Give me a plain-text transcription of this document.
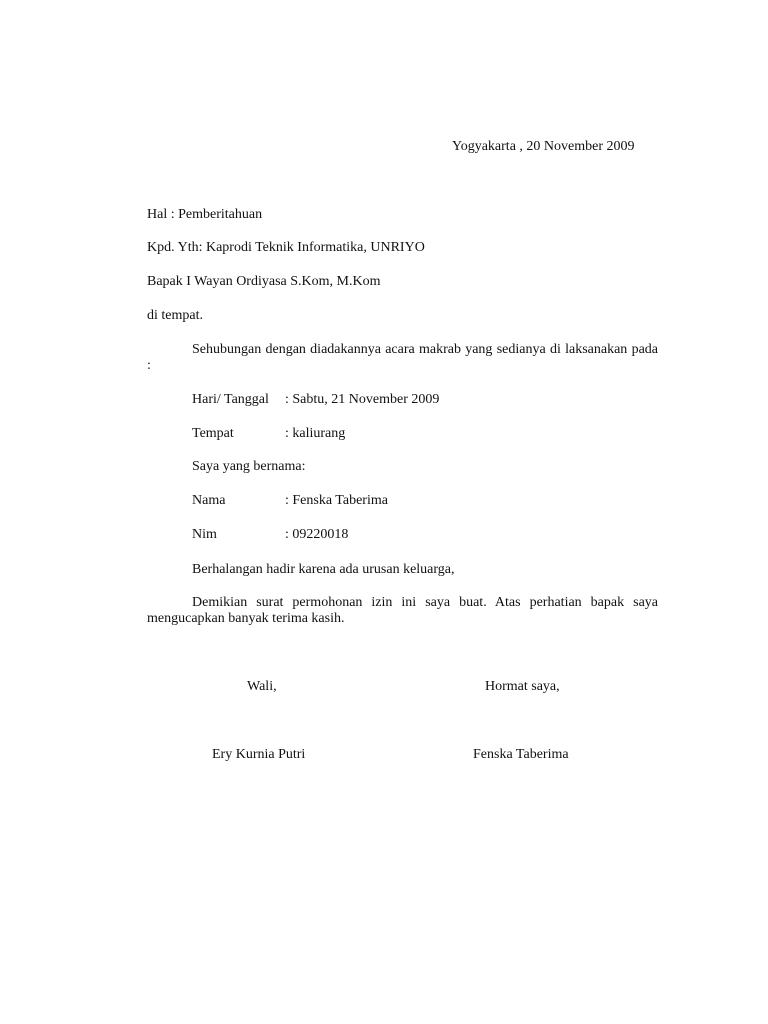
Yogyakarta , 20 November 2009
Hal : Pemberitahuan
Kpd. Yth: Kaprodi Teknik Informatika, UNRIYO
Bapak I Wayan Ordiyasa S.Kom, M.Kom
di tempat.
Sehubungan dengan diadakannya acara makrab yang sedianya di laksanakan pada :
Hari/ Tanggal : Sabtu, 21 November 2009
Tempat	: kaliurang
Saya yang bernama:
Nama	: Fenska Taberima
Nim	: 09220018
Berhalangan hadir karena ada urusan keluarga,
Demikian surat permohonan izin ini saya buat. Atas perhatian bapak saya mengucapkan banyak terima kasih.
Wali,	Hormat saya,
Ery Kurnia Putri	Fenska Taberima
